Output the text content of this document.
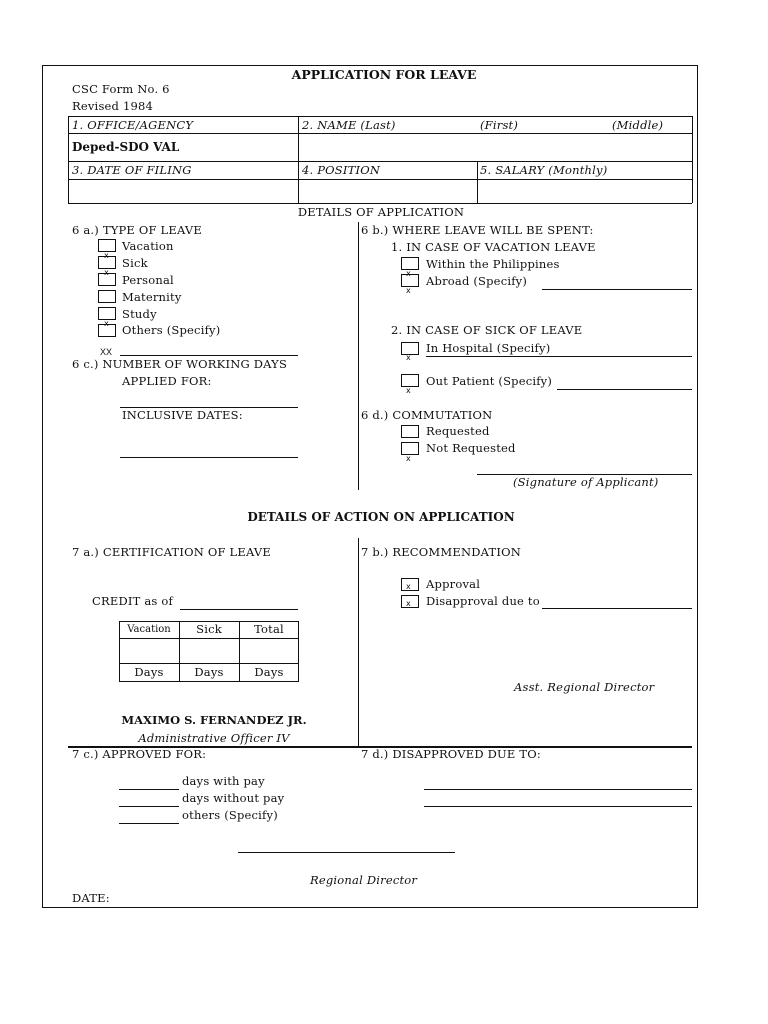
APPLICATION FOR LEAVE
CSC Form No. 6
Revised 1984
1. OFFICE/AGENCY	2. NAME (Last)	(First)	(Middle)
Deped-SDO VAL
3. DATE OF FILING	4. POSITION	5. SALARY (Monthly)
DETAILS OF APPLICATION
6 a.) TYPE OF LEAVE
Vacation
x
Sick
x
Personal
Maternity
Study
x Others (Specify)
XX
6 c.) NUMBER OF WORKING DAYS
APPLIED FOR:
INCLUSIVE DATES:
6 b.) WHERE LEAVE WILL BE SPENT:
1. IN CASE OF VACATION LEAVE
Within the Philippines
x
x
Abroad (Specify)
2. IN CASE OF SICK OF LEAVE
x
In Hospital (Specify)
x
Out Patient (Specify)
6 d.) COMMUTATION
Requested
x
Not Requested
(Signature of Applicant)
DETAILS OF ACTION ON APPLICATION
7 a.) CERTIFICATION OF LEAVE
CREDIT as of
Vacation	Sick	Total
Days	Days	Days
MAXIMO S. FERNANDEZ JR.
Administrative Officer IV
7 b.) RECOMMENDATION
x Approval
x Disapproval due to
Asst. Regional Director
7 c.) APPROVED FOR:
days with pay
days without pay
others (Specify)
7 d.) DISAPPROVED DUE TO:
Regional Director
DATE:
